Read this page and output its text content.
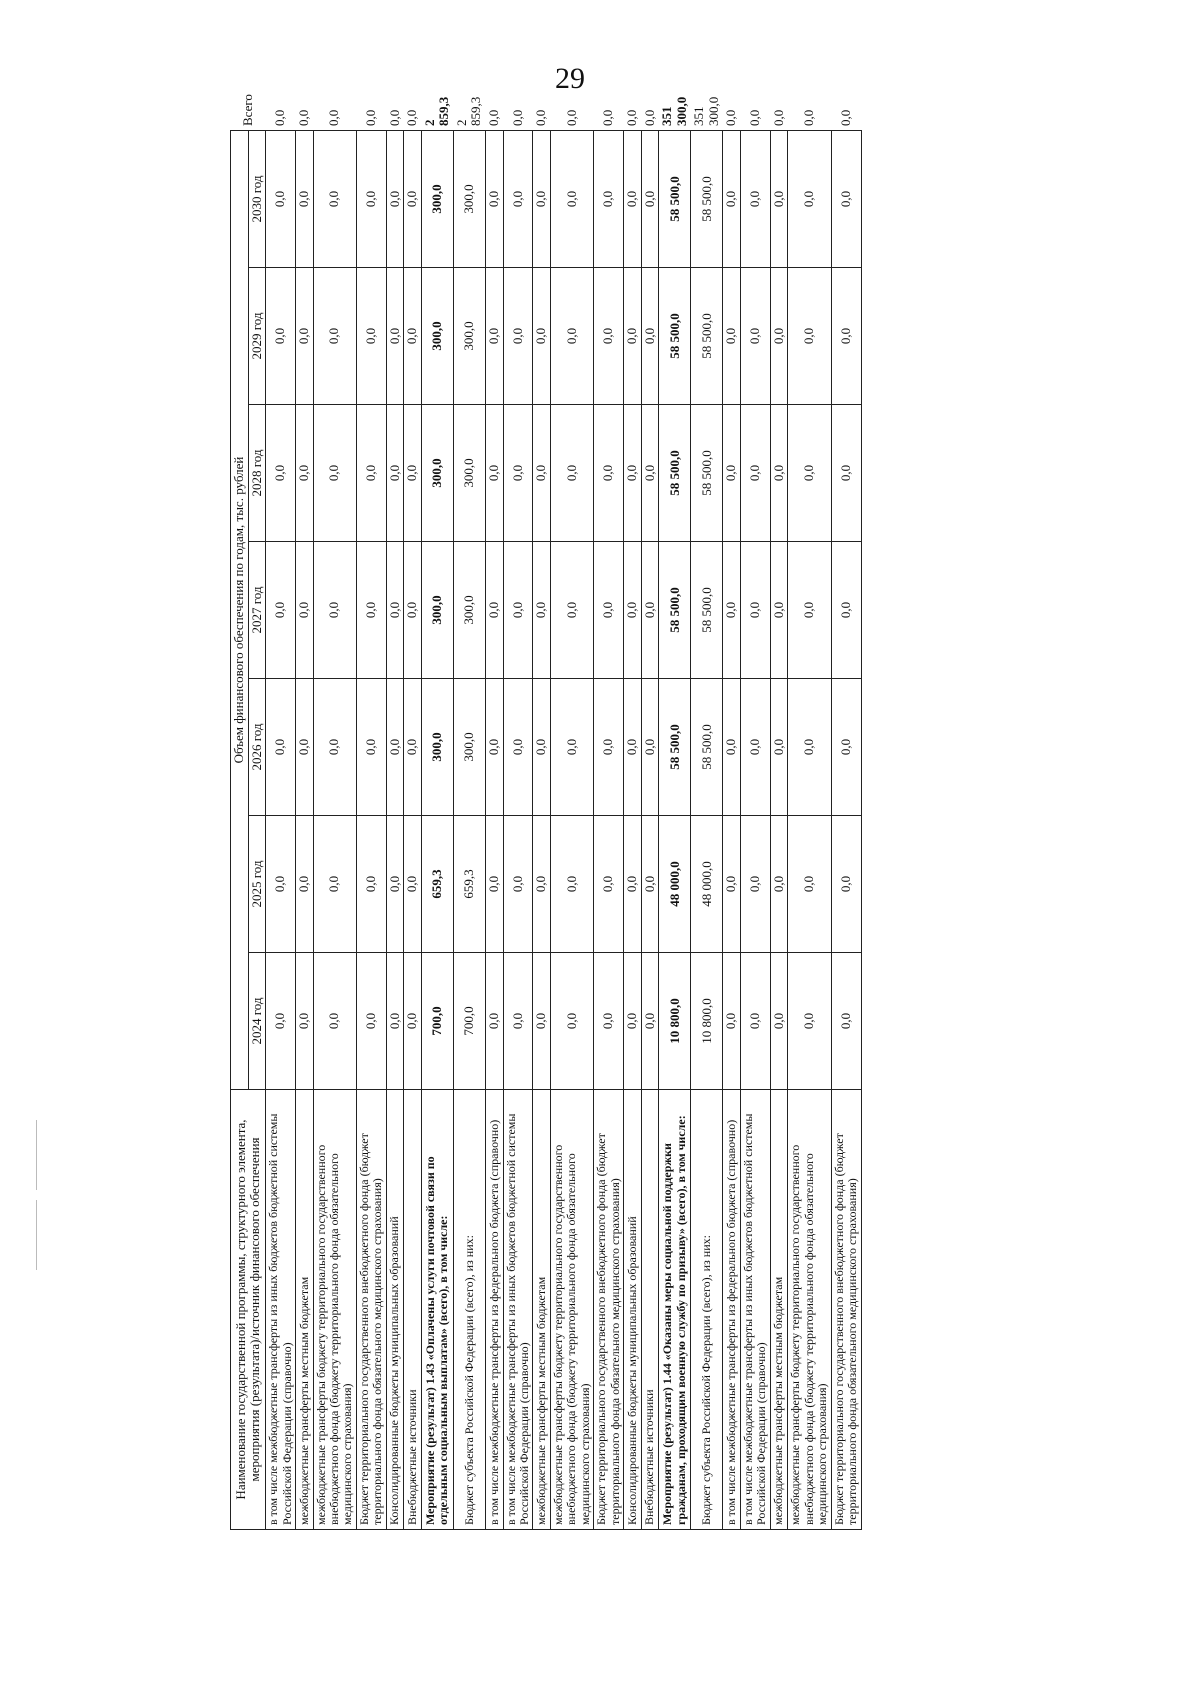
29
Наименование государственной программы, структурного элемента, мероприятия (результата)/источник финансового обеспечения	Объем финансового обеспечения по годам, тыс. рублей							Всего
	2024 год	2025 год	2026 год	2027 год	2028 год	2029 год	2030 год	
в том числе межбюджетные трансферты из иных бюджетов бюджетной системы Российской Федерации (справочно)	0,0	0,0	0,0	0,0	0,0	0,0	0,0	0,0
межбюджетные трансферты местным бюджетам	0,0	0,0	0,0	0,0	0,0	0,0	0,0	0,0
межбюджетные трансферты бюджету территориального государственного внебюджетного фонда (бюджету территориального фонда обязательного медицинского страхования)	0,0	0,0	0,0	0,0	0,0	0,0	0,0	0,0
Бюджет территориального государственного внебюджетного фонда (бюджет территориального фонда обязательного медицинского страхования)	0,0	0,0	0,0	0,0	0,0	0,0	0,0	0,0
Консолидированные бюджеты муниципальных образований	0,0	0,0	0,0	0,0	0,0	0,0	0,0	0,0
Внебюджетные источники	0,0	0,0	0,0	0,0	0,0	0,0	0,0	0,0
Мероприятие (результат) 1.43 «Оплачены услуги почтовой связи по отдельным социальным выплатам» (всего), в том числе:	700,0	659,3	300,0	300,0	300,0	300,0	300,0	2 859,3
Бюджет субъекта Российской Федерации (всего), из них:	700,0	659,3	300,0	300,0	300,0	300,0	300,0	2 859,3
в том числе межбюджетные трансферты из федерального бюджета (справочно)	0,0	0,0	0,0	0,0	0,0	0,0	0,0	0,0
в том числе межбюджетные трансферты из иных бюджетов бюджетной системы Российской Федерации (справочно)	0,0	0,0	0,0	0,0	0,0	0,0	0,0	0,0
межбюджетные трансферты местным бюджетам	0,0	0,0	0,0	0,0	0,0	0,0	0,0	0,0
межбюджетные трансферты бюджету территориального государственного внебюджетного фонда (бюджету территориального фонда обязательного медицинского страхования)	0,0	0,0	0,0	0,0	0,0	0,0	0,0	0,0
Бюджет территориального государственного внебюджетного фонда (бюджет территориального фонда обязательного медицинского страхования)	0,0	0,0	0,0	0,0	0,0	0,0	0,0	0,0
Консолидированные бюджеты муниципальных образований	0,0	0,0	0,0	0,0	0,0	0,0	0,0	0,0
Внебюджетные источники	0,0	0,0	0,0	0,0	0,0	0,0	0,0	0,0
Мероприятие (результат) 1.44 «Оказаны меры социальной поддержки гражданам, проходящим военную службу по призыву» (всего), в том числе:	10 800,0	48 000,0	58 500,0	58 500,0	58 500,0	58 500,0	58 500,0	351 300,0
Бюджет субъекта Российской Федерации (всего), из них:	10 800,0	48 000,0	58 500,0	58 500,0	58 500,0	58 500,0	58 500,0	351 300,0
в том числе межбюджетные трансферты из федерального бюджета (справочно)	0,0	0,0	0,0	0,0	0,0	0,0	0,0	0,0
в том числе межбюджетные трансферты из иных бюджетов бюджетной системы Российской Федерации (справочно)	0,0	0,0	0,0	0,0	0,0	0,0	0,0	0,0
межбюджетные трансферты местным бюджетам	0,0	0,0	0,0	0,0	0,0	0,0	0,0	0,0
межбюджетные трансферты бюджету территориального государственного внебюджетного фонда (бюджету территориального фонда обязательного медицинского страхования)	0,0	0,0	0,0	0,0	0,0	0,0	0,0	0,0
Бюджет территориального государственного внебюджетного фонда (бюджет территориального фонда обязательного медицинского страхования)	0,0	0,0	0,0	0,0	0,0	0,0	0,0	0,0
